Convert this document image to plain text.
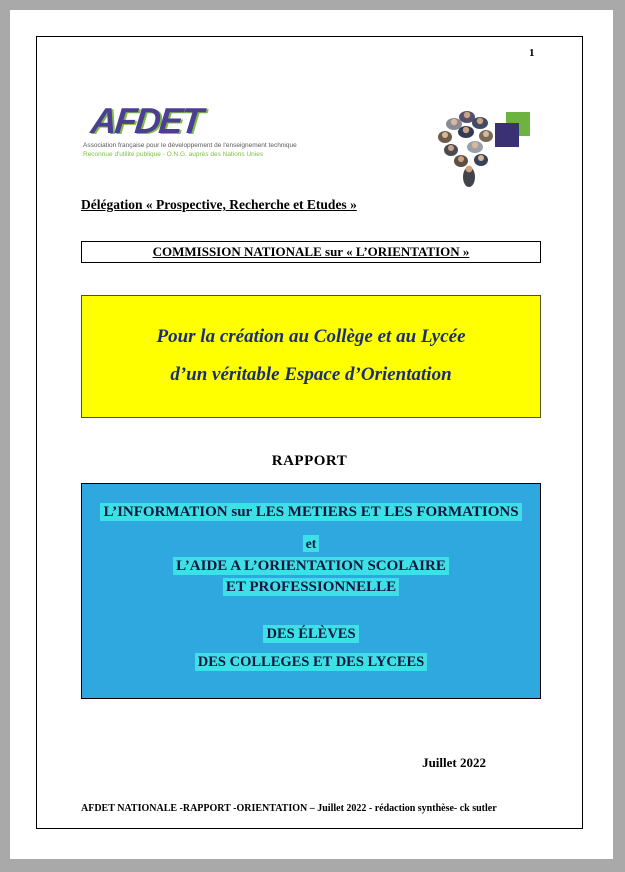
1
AFDET
Association française pour le développement de l'enseignement technique
Reconnue d'utilité publique - O.N.G. auprès des Nations Unies
Délégation « Prospective, Recherche et Etudes »
COMMISSION NATIONALE sur « L’ORIENTATION »
Pour la création au Collège et au Lycée
d’un véritable Espace d’Orientation
RAPPORT
L’INFORMATION sur LES METIERS ET LES FORMATIONS
et
L’AIDE A L’ORIENTATION SCOLAIRE
ET PROFESSIONNELLE
DES ÉLÈVES
DES COLLEGES ET DES LYCEES
Juillet 2022
AFDET NATIONALE -RAPPORT -ORIENTATION – Juillet 2022 - rédaction synthèse- ck sutler
